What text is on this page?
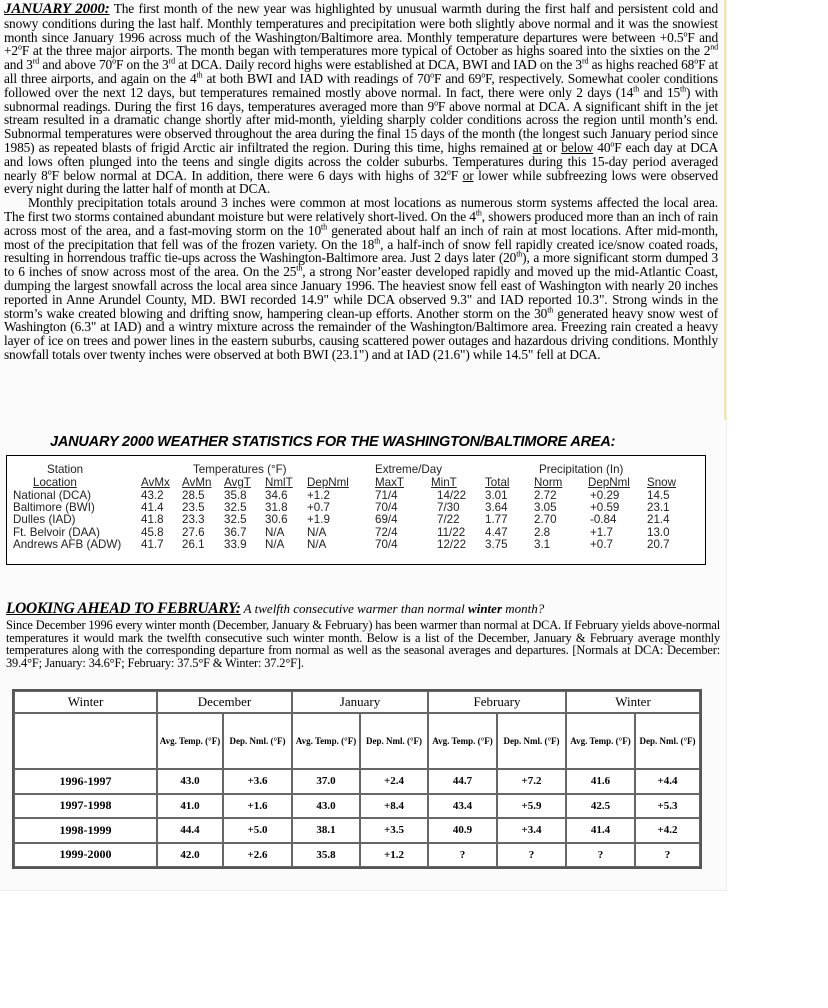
JANUARY 2000: The first month of the new year was highlighted by unusual warmth during the first half and persistent cold and snowy conditions during the last half. Monthly temperatures and precipitation were both slightly above normal and it was the snowiest month since January 1996 across much of the Washington/Baltimore area. Monthly temperature departures were between $+0.5^oF$ and $+2^oF$ at the three major airports. The month began with temperatures more typical of October as highs soared into the sixties on the 2nd and 3rd and above 70$^o$F on the 3rd at DCA. Daily record highs were established at DCA, BWI and IAD on the 3rd as highs reached 68$^o$F at all three airports, and again on the 4th at both BWI and IAD with readings of 70$^o$F and 69$^o$F, respectively. Somewhat cooler conditions followed over the next 12 days, but temperatures remained mostly above normal. In fact, there were only 2 days (14th and 15th) with subnormal readings. During the first 16 days, temperatures averaged more than 9$^o$F above normal at DCA. A significant shift in the jet stream resulted in a dramatic change shortly after mid-month, yielding sharply colder conditions across the region until month’s end. Subnormal temperatures were observed throughout the area during the final 15 days of the month (the longest such January period since 1985) as repeated blasts of frigid Arctic air infiltrated the region. During this time, highs remained at or below 40$^o$F each day at DCA and lows often plunged into the teens and single digits across the colder suburbs. Temperatures during this 15-day period averaged nearly 8$^o$F below normal at DCA. In addition, there were 6 days with highs of 32$^o$F or lower while subfreezing lows were observed every night during the latter half of month at DCA.

Monthly precipitation totals around 3 inches were common at most locations as numerous storm systems affected the local area. The first two storms contained abundant moisture but were relatively short-lived. On the 4th, showers produced more than an inch of rain across most of the area, and a fast-moving storm on the 10th generated about half an inch of rain at most locations. After mid-month, most of the precipitation that fell was of the frozen variety. On the 18th, a half-inch of snow fell rapidly created ice/snow coated roads, resulting in horrendous traffic tie-ups across the Washington-Baltimore area. Just 2 days later (20th), a more significant storm dumped 3 to 6 inches of snow across most of the area. On the 25th, a strong Nor’easter developed rapidly and moved up the mid-Atlantic Coast, dumping the largest snowfall across the local area since January 1996. The heaviest snow fell east of Washington with nearly 20 inches reported in Anne Arundel County, MD. BWI recorded 14.9" while DCA observed 9.3" and IAD reported 10.3". Strong winds in the storm’s wake created blowing and drifting snow, hampering clean-up efforts. Another storm on the 30th generated heavy snow west of Washington (6.3" at IAD) and a wintry mixture across the remainder of the Washington/Baltimore area. Freezing rain created a heavy layer of ice on trees and power lines in the eastern suburbs, causing scattered power outages and hazardous driving conditions. Monthly snowfall totals over twenty inches were observed at both BWI (23.1") and at IAD (21.6") while 14.5" fell at DCA.

JANUARY 2000 WEATHER STATISTICS FOR THE WASHINGTON/BALTIMORE AREA:
Station	Temperatures (°F)	Extreme/Day	Precipitation (In)
Location	AvMx AvMn AvgT NmlT DepNml MaxT MinT Total Norm DepNml Snow
National (DCA)	43.2 28.5 35.8 34.6 +1.2	71/4	14/22 3.01 2.72	+0.29 14.5
Baltimore (BWI)	41.4 23.5 32.5 31.8 +0.7	70/4	7/30 3.64 3.05	+0.59 23.1
Dulles (IAD)	41.8 23.3 32.5 30.6 +1.9	69/4	7/22 1.77 2.70	-0.84	21.4
Ft. Belvoir (DAA)	45.8 27.6 36.7 N/A N/A	72/4	11/22 4.47 2.8	+1.7	13.0
Andrews AFB (ADW) 41.7 26.1 33.9 N/A N/A	70/4	12/22 3.75 3.1	+0.7	20.7
LOOKING AHEAD TO FEBRUARY: A twelfth consecutive warmer than normal winter month?
Since December 1996 every winter month (December, January & February) has been warmer than normal at DCA. If February yields above-normal temperatures it would mark the twelfth consecutive such winter month. Below is a list of the December, January & February average monthly temperatures along with the corresponding departure from normal as well as the seasonal averages and departures. [Normals at DCA: December: 39.4°F; January: 34.6°F; February: 37.5°F & Winter: 37.2°F].
Winter	December	January	February	Winter
Avg. Temp. (°F)	Dep. Nml. (°F)	Avg. Temp. (°F)	Dep. Nml. (°F)	Avg. Temp. (°F)	Dep. Nml. (°F)	Avg. Temp. (°F) Dep. Nml. (°F)
1996-1997	43.0	+3.6	37.0	+2.4	44.7	+7.2	41.6	+4.4
1997-1998	41.0	+1.6	43.0	+8.4	43.4	+5.9	42.5	+5.3
1998-1999	44.4	+5.0	38.1	+3.5	40.9	+3.4	41.4	+4.2
1999-2000	42.0	+2.6	35.8	+1.2	?	?	?	?
